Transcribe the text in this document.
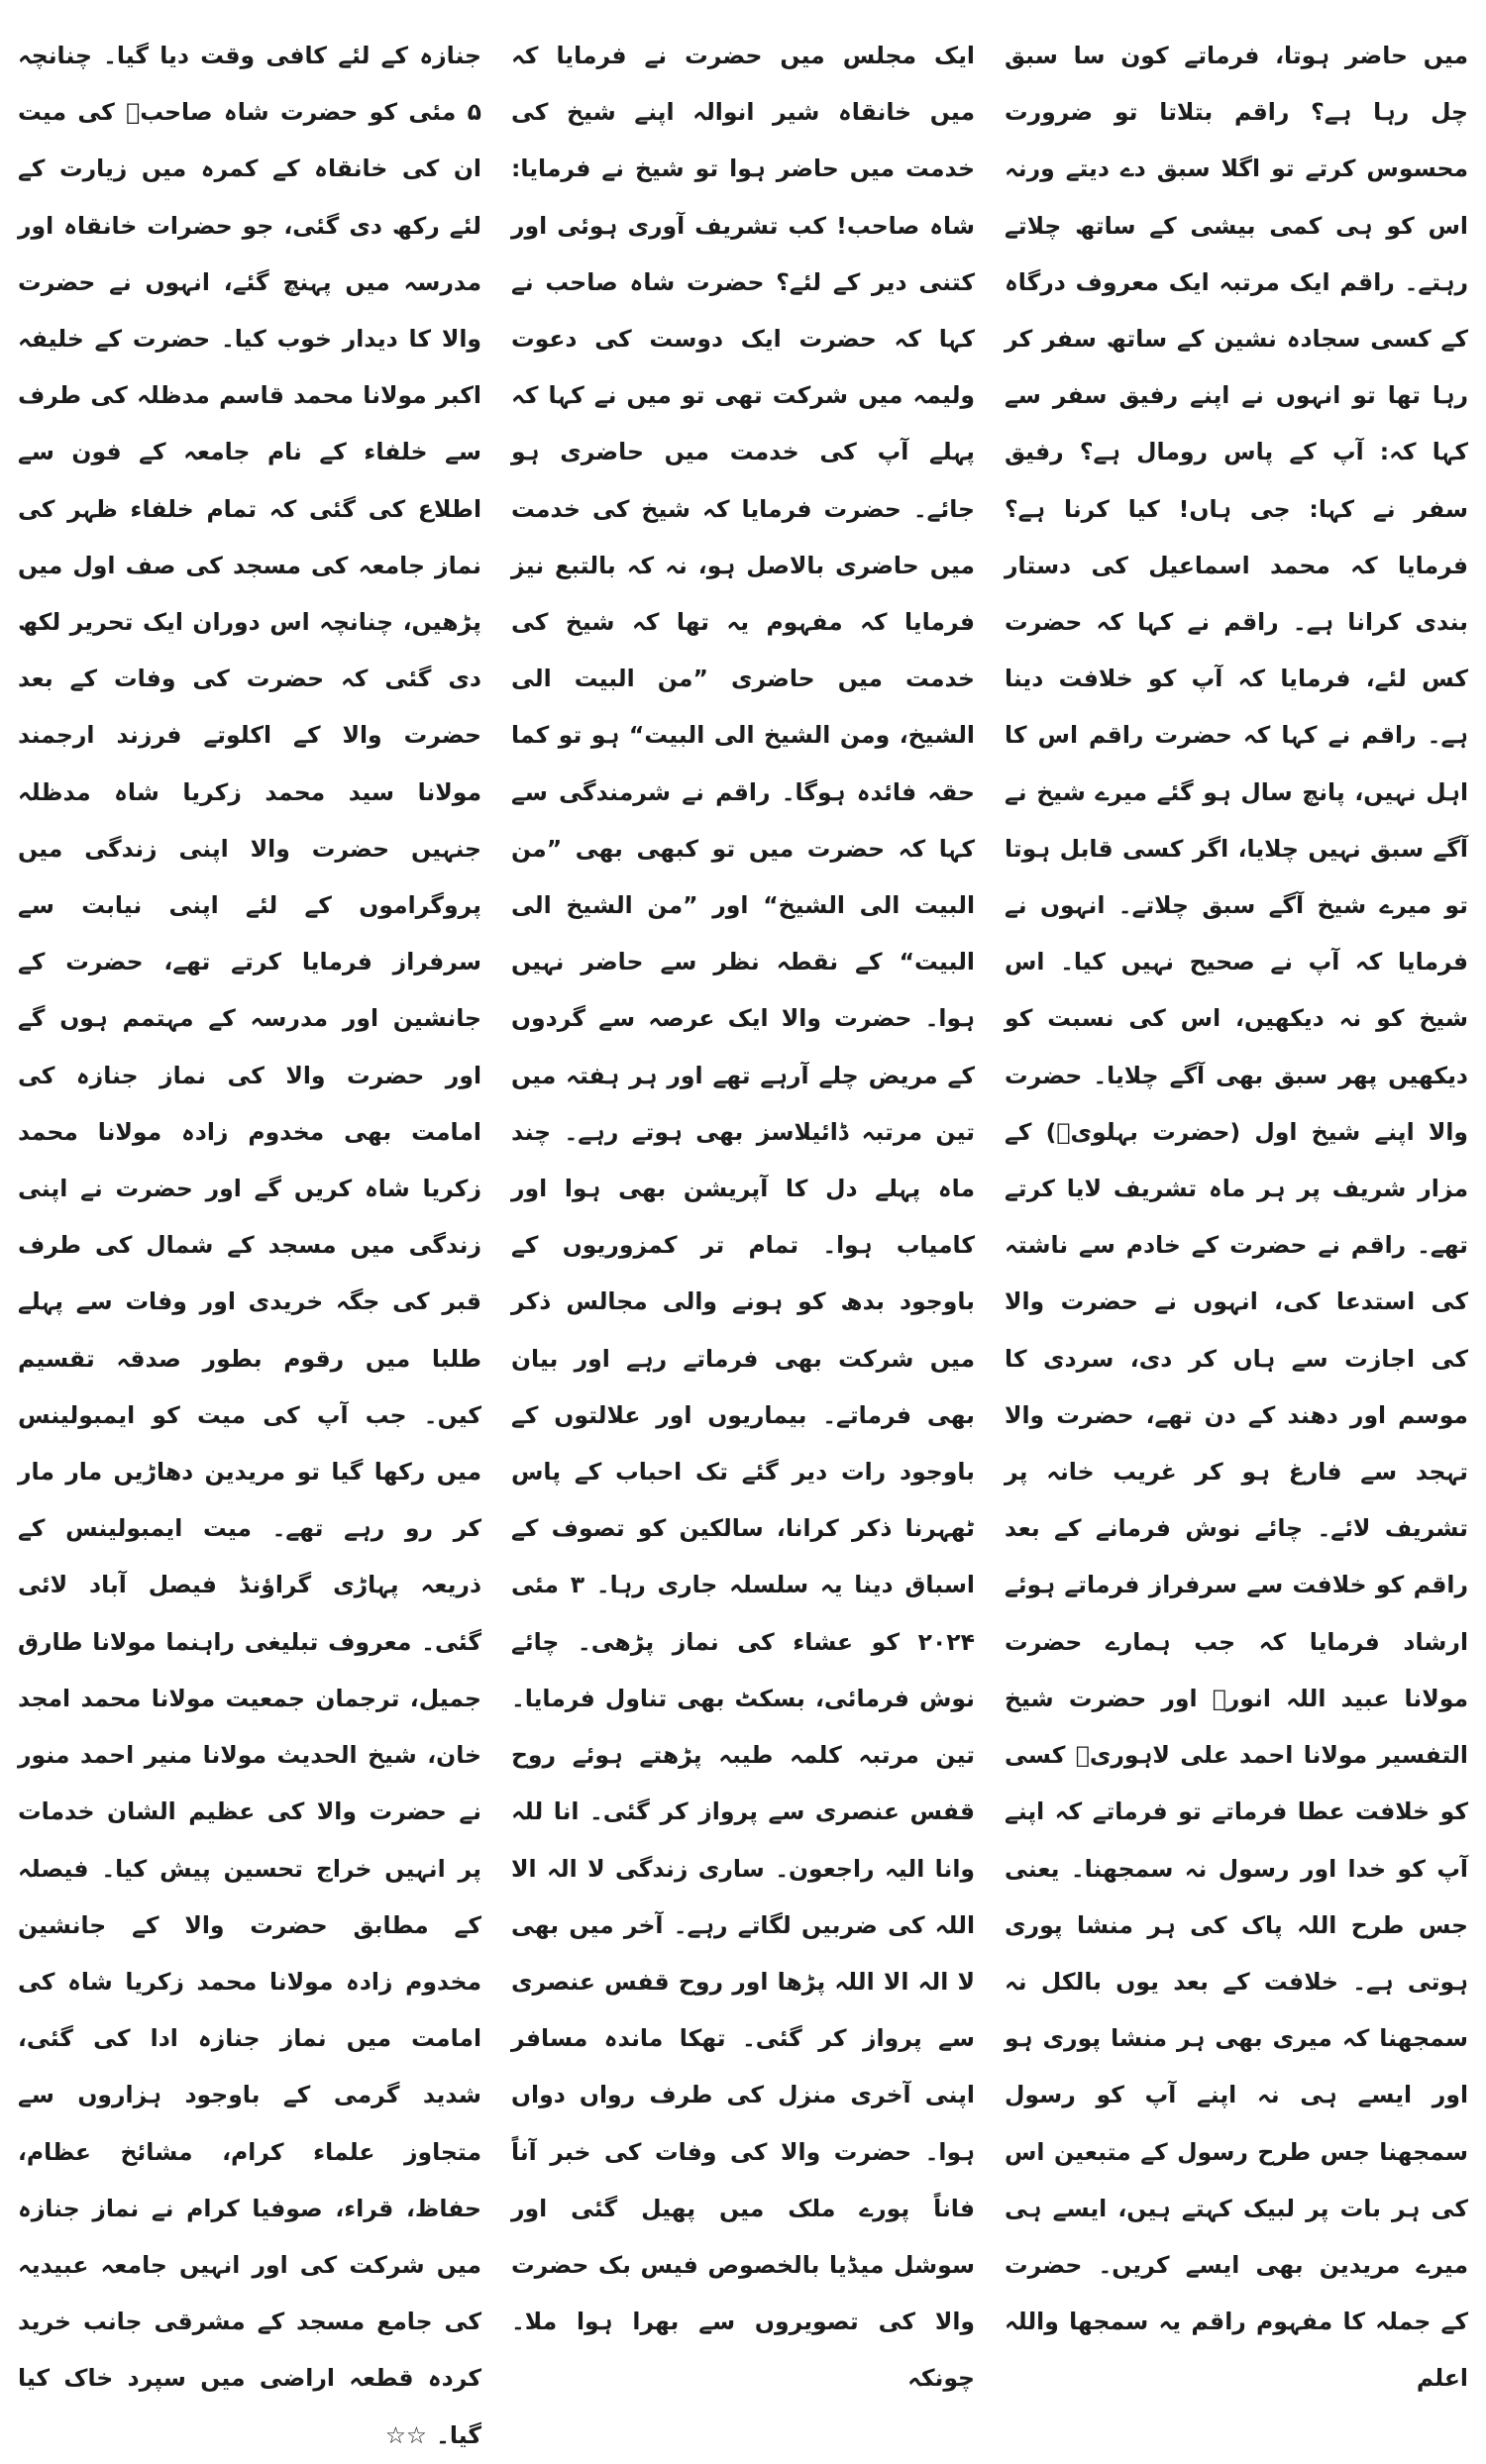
میں حاضر ہوتا، فرماتے کون سا سبق چل رہا ہے؟ راقم بتلاتا تو ضرورت محسوس کرتے تو اگلا سبق دے دیتے ورنہ اس کو ہی کمی بیشی کے ساتھ چلاتے رہتے۔ راقم ایک مرتبہ ایک معروف درگاہ کے کسی سجادہ نشین کے ساتھ سفر کر رہا تھا تو انہوں نے اپنے رفیق سفر سے کہا کہ: آپ کے پاس رومال ہے؟ رفیق سفر نے کہا: جی ہاں! کیا کرنا ہے؟ فرمایا کہ محمد اسماعیل کی دستار بندی کرانا ہے۔ راقم نے کہا کہ حضرت کس لئے، فرمایا کہ آپ کو خلافت دینا ہے۔ راقم نے کہا کہ حضرت راقم اس کا اہل نہیں، پانچ سال ہو گئے میرے شیخ نے آگے سبق نہیں چلایا، اگر کسی قابل ہوتا تو میرے شیخ آگے سبق چلاتے۔ انہوں نے فرمایا کہ آپ نے صحیح نہیں کیا۔ اس شیخ کو نہ دیکھیں، اس کی نسبت کو دیکھیں پھر سبق بھی آگے چلایا۔ حضرت والا اپنے شیخ اول (حضرت بہلویؒ) کے مزار شریف پر ہر ماہ تشریف لایا کرتے تھے۔ راقم نے حضرت کے خادم سے ناشتہ کی استدعا کی، انہوں نے حضرت والا کی اجازت سے ہاں کر دی، سردی کا موسم اور دھند کے دن تھے، حضرت والا تہجد سے فارغ ہو کر غریب خانہ پر تشریف لائے۔ چائے نوش فرمانے کے بعد راقم کو خلافت سے سرفراز فرماتے ہوئے ارشاد فرمایا کہ جب ہمارے حضرت مولانا عبید اللہ انورؒ اور حضرت شیخ التفسیر مولانا احمد علی لاہوریؒ کسی کو خلافت عطا فرماتے تو فرماتے کہ اپنے آپ کو خدا اور رسول نہ سمجھنا۔ یعنی جس طرح اللہ پاک کی ہر منشا پوری ہوتی ہے۔ خلافت کے بعد یوں بالکل نہ سمجھنا کہ میری بھی ہر منشا پوری ہو اور ایسے ہی نہ اپنے آپ کو رسول سمجھنا جس طرح رسول کے متبعین اس کی ہر بات پر لبیک کہتے ہیں، ایسے ہی میرے مریدین بھی ایسے کریں۔ حضرت کے جملہ کا مفہوم راقم یہ سمجھا واللہ اعلم

ایک مجلس میں حضرت نے فرمایا کہ میں خانقاہ شیر انوالہ اپنے شیخ کی خدمت میں حاضر ہوا تو شیخ نے فرمایا: شاہ صاحب! کب تشریف آوری ہوئی اور کتنی دیر کے لئے؟ حضرت شاہ صاحب نے کہا کہ حضرت ایک دوست کی دعوت ولیمہ میں شرکت تھی تو میں نے کہا کہ پہلے آپ کی خدمت میں حاضری ہو جائے۔ حضرت فرمایا کہ شیخ کی خدمت میں حاضری بالاصل ہو، نہ کہ بالتبع نیز فرمایا کہ مفہوم یہ تھا کہ شیخ کی خدمت میں حاضری ”من البیت الی الشیخ، ومن الشیخ الی البیت“ ہو تو کما حقہ فائدہ ہوگا۔ راقم نے شرمندگی سے کہا کہ حضرت میں تو کبھی بھی ”من البیت الی الشیخ“ اور ”من الشیخ الی البیت“ کے نقطہ نظر سے حاضر نہیں ہوا۔ حضرت والا ایک عرصہ سے گردوں کے مریض چلے آرہے تھے اور ہر ہفتہ میں تین مرتبہ ڈائیلاسز بھی ہوتے رہے۔ چند ماہ پہلے دل کا آپریشن بھی ہوا اور کامیاب ہوا۔ تمام تر کمزوریوں کے باوجود بدھ کو ہونے والی مجالس ذکر میں شرکت بھی فرماتے رہے اور بیان بھی فرماتے۔ بیماریوں اور علالتوں کے باوجود رات دیر گئے تک احباب کے پاس ٹھہرنا ذکر کرانا، سالکین کو تصوف کے اسباق دینا یہ سلسلہ جاری رہا۔ ۳ مئی ۲۰۲۴ کو عشاء کی نماز پڑھی۔ چائے نوش فرمائی، بسکٹ بھی تناول فرمایا۔ تین مرتبہ کلمہ طیبہ پڑھتے ہوئے روح قفس عنصری سے پرواز کر گئی۔ انا للہ وانا الیہ راجعون۔ ساری زندگی لا الہ الا اللہ کی ضربیں لگاتے رہے۔ آخر میں بھی لا الہ الا اللہ پڑھا اور روح قفس عنصری سے پرواز کر گئی۔ تھکا ماندہ مسافر اپنی آخری منزل کی طرف رواں دواں ہوا۔ حضرت والا کی وفات کی خبر آناً فاناً پورے ملک میں پھیل گئی اور سوشل میڈیا بالخصوص فیس بک حضرت والا کی تصویروں سے بھرا ہوا ملا۔ چونکہ

جنازہ کے لئے کافی وقت دیا گیا۔ چنانچہ ۵ مئی کو حضرت شاہ صاحبؒ کی میت ان کی خانقاہ کے کمرہ میں زیارت کے لئے رکھ دی گئی، جو حضرات خانقاہ اور مدرسہ میں پہنچ گئے، انہوں نے حضرت والا کا دیدار خوب کیا۔ حضرت کے خلیفہ اکبر مولانا محمد قاسم مدظلہ کی طرف سے خلفاء کے نام جامعہ کے فون سے اطلاع کی گئی کہ تمام خلفاء ظہر کی نماز جامعہ کی مسجد کی صف اول میں پڑھیں، چنانچہ اس دوران ایک تحریر لکھ دی گئی کہ حضرت کی وفات کے بعد حضرت والا کے اکلوتے فرزند ارجمند مولانا سید محمد زکریا شاہ مدظلہ جنہیں حضرت والا اپنی زندگی میں پروگراموں کے لئے اپنی نیابت سے سرفراز فرمایا کرتے تھے، حضرت کے جانشین اور مدرسہ کے مہتمم ہوں گے اور حضرت والا کی نماز جنازہ کی امامت بھی مخدوم زادہ مولانا محمد زکریا شاہ کریں گے اور حضرت نے اپنی زندگی میں مسجد کے شمال کی طرف قبر کی جگہ خریدی اور وفات سے پہلے طلبا میں رقوم بطور صدقہ تقسیم کیں۔ جب آپ کی میت کو ایمبولینس میں رکھا گیا تو مریدین دھاڑیں مار مار کر رو رہے تھے۔ میت ایمبولینس کے ذریعہ پہاڑی گراؤنڈ فیصل آباد لائی گئی۔ معروف تبلیغی راہنما مولانا طارق جمیل، ترجمان جمعیت مولانا محمد امجد خان، شیخ الحدیث مولانا منیر احمد منور نے حضرت والا کی عظیم الشان خدمات پر انہیں خراج تحسین پیش کیا۔ فیصلہ کے مطابق حضرت والا کے جانشین مخدوم زادہ مولانا محمد زکریا شاہ کی امامت میں نماز جنازہ ادا کی گئی، شدید گرمی کے باوجود ہزاروں سے متجاوز علماء کرام، مشائخ عظام، حفاظ، قراء، صوفیا کرام نے نماز جنازہ میں شرکت کی اور انہیں جامعہ عبیدیہ کی جامع مسجد کے مشرقی جانب خرید کردہ قطعہ اراضی میں سپرد خاک کیا گیا۔ ☆☆
